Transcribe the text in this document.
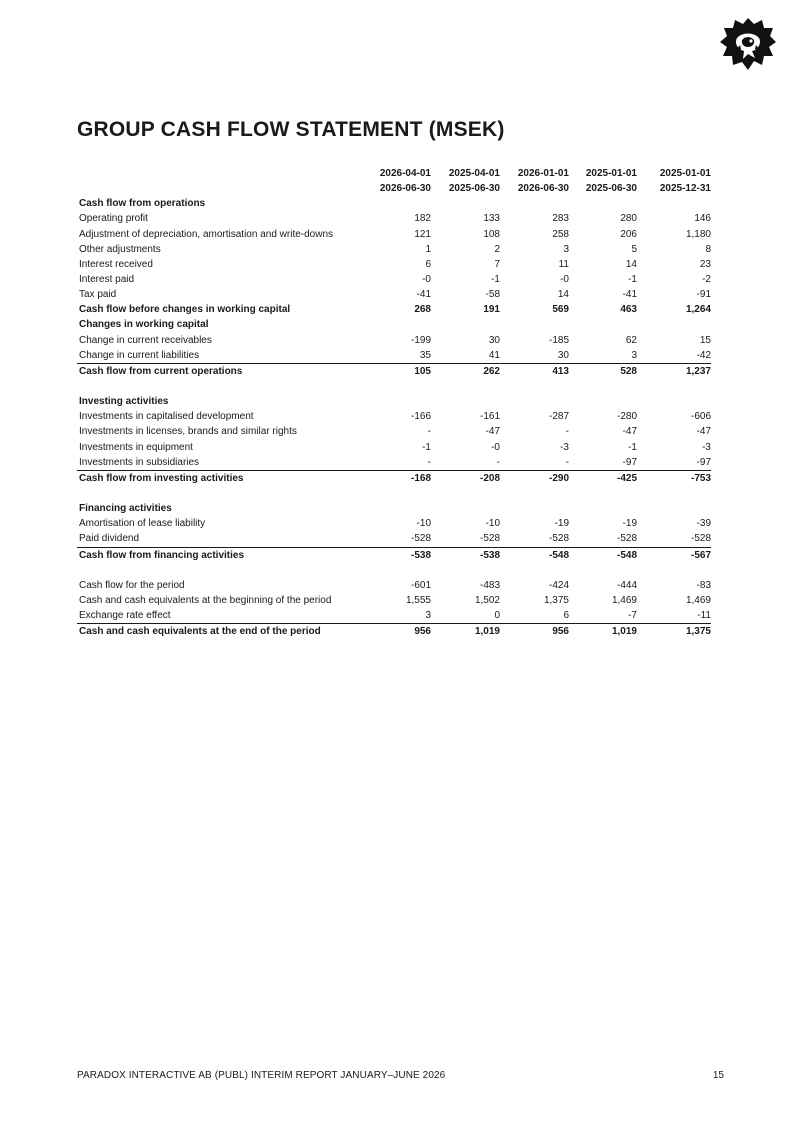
GROUP CASH FLOW STATEMENT (MSEK)
	2026-04-01	2025-04-01	2026-01-01	2025-01-01	2025-01-01
	2026-06-30	2025-06-30	2026-06-30	2025-06-30	2025-12-31
Cash flow from operations					
Operating profit	182	133	283	280	146
Adjustment of depreciation, amortisation and write-downs	121	108	258	206	1,180
Other adjustments	1	2	3	5	8
Interest received	6	7	11	14	23
Interest paid	-0	-1	-0	-1	-2
Tax paid	-41	-58	14	-41	-91
Cash flow before changes in working capital	268	191	569	463	1,264
Changes in working capital					
Change in current receivables	-199	30	-185	62	15
Change in current liabilities	35	41	30	3	-42
Cash flow from current operations	105	262	413	528	1,237

Investing activities					
Investments in capitalised development	-166	-161	-287	-280	-606
Investments in licenses, brands and similar rights	-	-47	-	-47	-47
Investments in equipment	-1	-0	-3	-1	-3
Investments in subsidiaries	-	-	-	-97	-97
Cash flow from investing activities	-168	-208	-290	-425	-753

Financing activities					
Amortisation of lease liability	-10	-10	-19	-19	-39
Paid dividend	-528	-528	-528	-528	-528
Cash flow from financing activities	-538	-538	-548	-548	-567

Cash flow for the period	-601	-483	-424	-444	-83
Cash and cash equivalents at the beginning of the period	1,555	1,502	1,375	1,469	1,469
Exchange rate effect	3	0	6	-7	-11
Cash and cash equivalents at the end of the period	956	1,019	956	1,019	1,375
PARADOX INTERACTIVE AB (PUBL) INTERIM REPORT JANUARY–JUNE 2026	15
